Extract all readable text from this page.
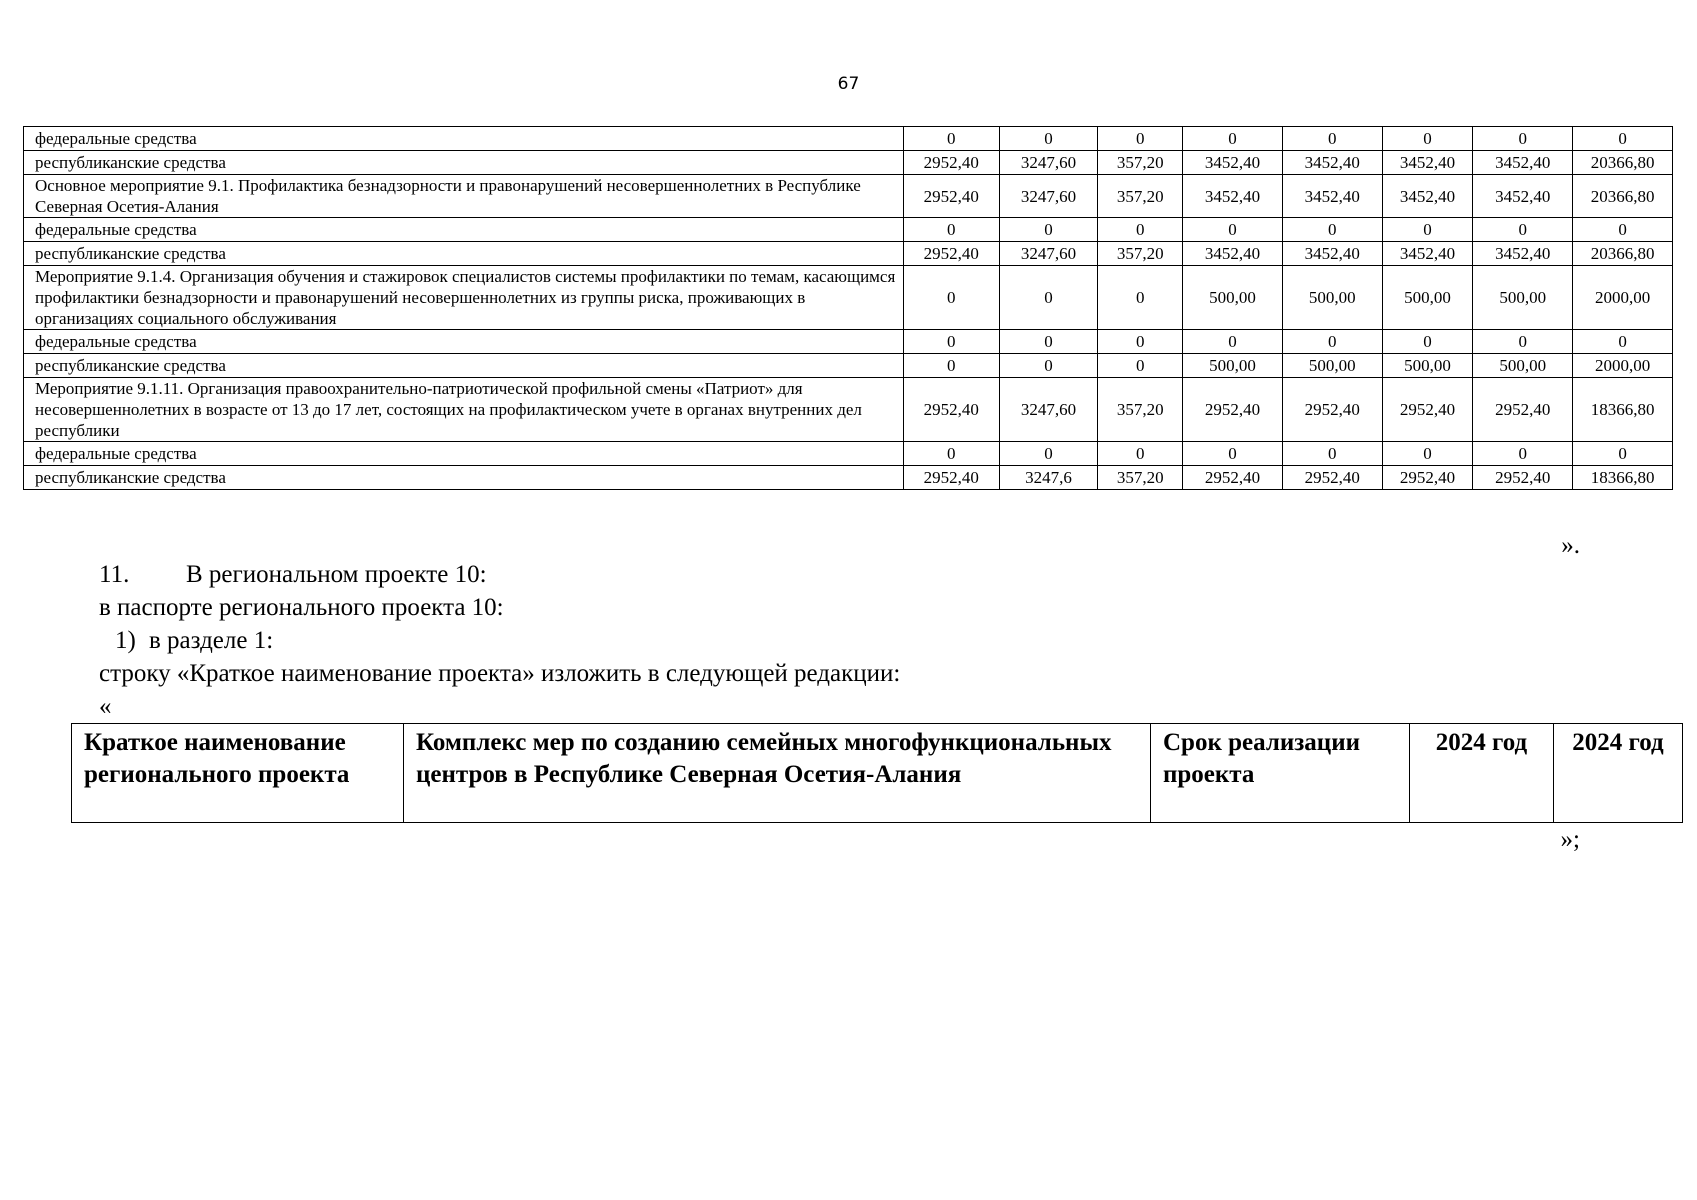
67
федеральные средства	0	0	0	0	0	0	0	0
республиканские средства	2952,40	3247,60	357,20	3452,40	3452,40	3452,40	3452,40	20366,80
Основное мероприятие 9.1. Профилактика безнадзорности и правонарушений несовершеннолетних в Республике Северная Осетия-Алания	2952,40	3247,60	357,20	3452,40	3452,40	3452,40	3452,40	20366,80
федеральные средства	0	0	0	0	0	0	0	0
республиканские средства	2952,40	3247,60	357,20	3452,40	3452,40	3452,40	3452,40	20366,80
Мероприятие 9.1.4. Организация обучения и стажировок специалистов системы профилактики по темам, касающимся профилактики безнадзорности и правонарушений несовершеннолетних из группы риска, проживающих в организациях социального обслуживания	0	0	0	500,00	500,00	500,00	500,00	2000,00
федеральные средства	0	0	0	0	0	0	0	0
республиканские средства	0	0	0	500,00	500,00	500,00	500,00	2000,00
Мероприятие 9.1.11. Организация правоохранительно-патриотической профильной смены «Патриот» для несовершеннолетних в возрасте от 13 до 17 лет, состоящих на профилактическом учете в органах внутренних дел республики	2952,40	3247,60	357,20	2952,40	2952,40	2952,40	2952,40	18366,80
федеральные средства	0	0	0	0	0	0	0	0
республиканские средства	2952,40	3247,6	357,20	2952,40	2952,40	2952,40	2952,40	18366,80
».
11. В региональном проекте 10:
в паспорте регионального проекта 10:
1) в разделе 1:
строку «Краткое наименование проекта» изложить в следующей редакции:
«
Краткое наименование регионального проекта	Комплекс мер по созданию семейных многофункциональных центров в Республике Северная Осетия-Алания	Срок реализации проекта	2024 год	2024 год
»;
